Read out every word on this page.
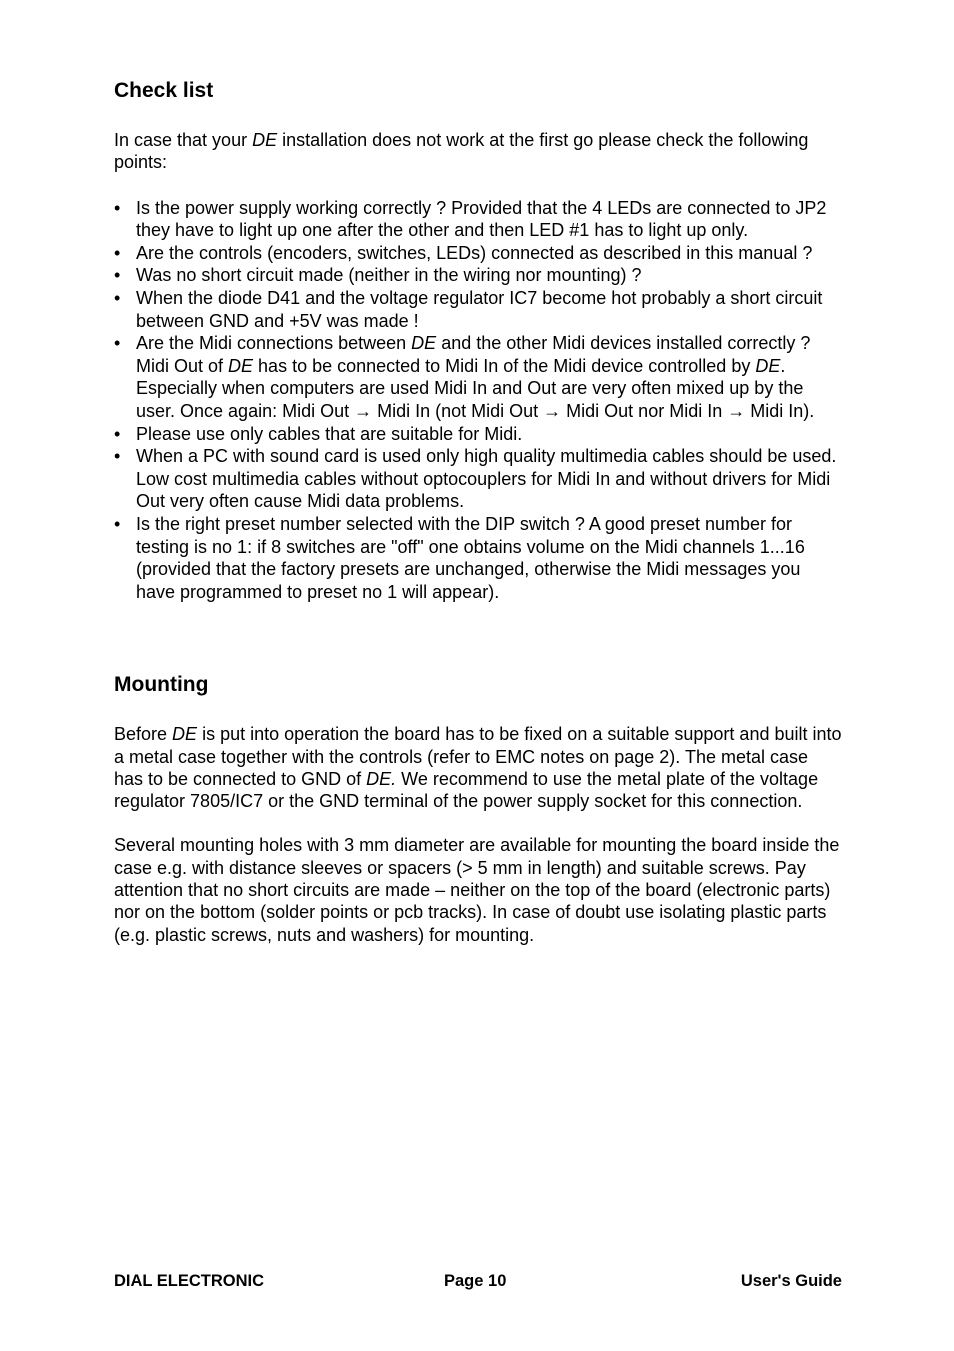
Check list

In case that your DE installation does not work at the first go please check the following points:

• Is the power supply working correctly ? Provided that the 4 LEDs are connected to JP2 they have to light up one after the other and then LED #1 has to light up only.
• Are the controls (encoders, switches, LEDs) connected as described in this manual ?
• Was no short circuit made (neither in the wiring nor mounting) ?
• When the diode D41 and the voltage regulator IC7 become hot probably a short circuit between GND and +5V was made !
• Are the Midi connections between DE and the other Midi devices installed correctly ? Midi Out of DE has to be connected to Midi In of the Midi device controlled by DE. Especially when computers are used Midi In and Out are very often mixed up by the user. Once again: Midi Out → Midi In (not Midi Out → Midi Out nor Midi In → Midi In).
• Please use only cables that are suitable for Midi.
• When a PC with sound card is used only high quality multimedia cables should be used. Low cost multimedia cables without optocouplers for Midi In and without drivers for Midi Out very often cause Midi data problems.
• Is the right preset number selected with the DIP switch ? A good preset number for testing is no 1: if 8 switches are "off" one obtains volume on the Midi channels 1...16 (provided that the factory presets are unchanged, otherwise the Midi messages you have programmed to preset no 1 will appear).
Mounting

Before DE is put into operation the board has to be fixed on a suitable support and built into a metal case together with the controls (refer to EMC notes on page 2). The metal case has to be connected to GND of DE. We recommend to use the metal plate of the voltage regulator 7805/IC7 or the GND terminal of the power supply socket for this connection.

Several mounting holes with 3 mm diameter are available for mounting the board inside the case e.g. with distance sleeves or spacers (> 5 mm in length) and suitable screws. Pay attention that no short circuits are made – neither on the top of the board (electronic parts) nor on the bottom (solder points or pcb tracks). In case of doubt use isolating plastic parts (e.g. plastic screws, nuts and washers) for mounting.

DIAL ELECTRONIC	Page 10	User's Guide
